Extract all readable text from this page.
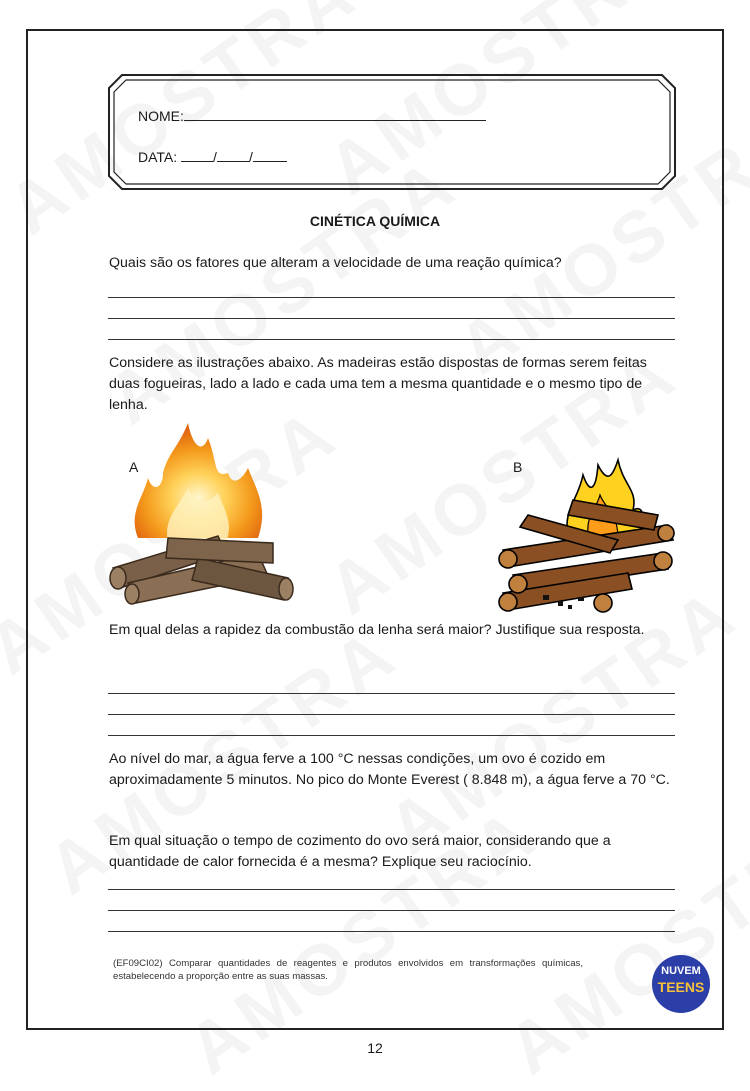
NOME:
DATA:	/ /
CINÉTICA QUÍMICA
Quais são os fatores que alteram a velocidade de uma reação química?
Considere as ilustrações abaixo. As madeiras estão dispostas de formas serem feitas duas fogueiras, lado a lado e cada uma tem a mesma quantidade e o mesmo tipo de lenha.
A	B
Em qual delas a rapidez da combustão da lenha será maior? Justifique sua resposta.
Ao nível do mar, a água ferve a 100 °C nessas condições, um ovo é cozido em aproximadamente 5 minutos. No pico do Monte Everest ( 8.848 m), a água ferve a 70 °C.
Em qual situação o tempo de cozimento do ovo será maior, considerando que a quantidade de calor fornecida é a mesma? Explique seu raciocínio.
(EF09CI02) Comparar quantidades de reagentes e produtos envolvidos em transformações químicas, estabelecendo a proporção entre as suas massas.	NUVEM
TEENS
12
